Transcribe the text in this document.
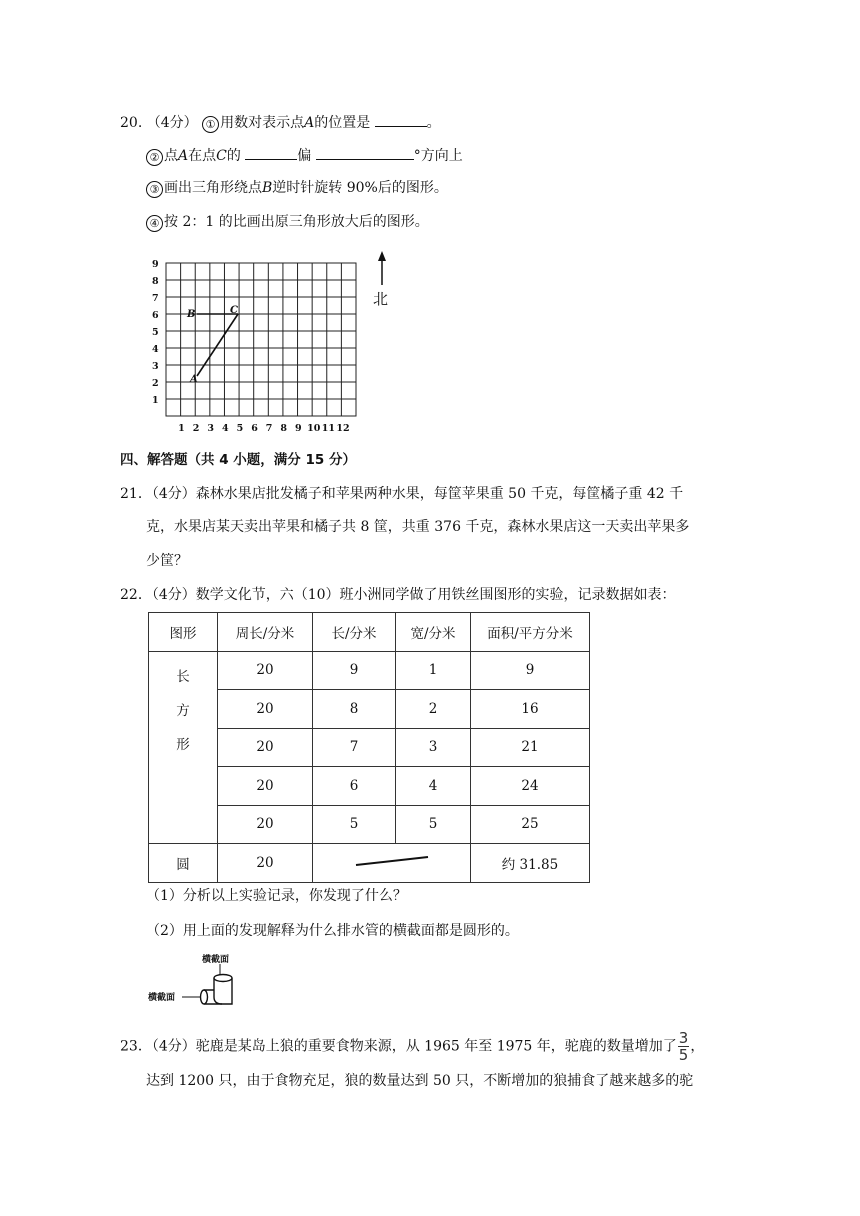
20. （4分） ① 用数对表示点A的位置是	。
② 点A在点C的	偏	°方向上
③ 画出三角形绕点B逆时针旋转 90%后的图形。
④ 按 2：1 的比画出原三角形放大后的图形。
B	C
A
9
8
7
6
5
4
3
2
1
1 2 3 4 5 6 7 8 9 10 11 12
北
四、解答题（共 4 小题，满分 15 分）
21．（4分）森林水果店批发橘子和苹果两种水果，每筐苹果重 50 千克，每筐橘子重 42 千
克，水果店某天卖出苹果和橘子共 8 筐，共重 376 千克，森林水果店这一天卖出苹果多
少筐？
22．（4分）数学文化节，六（10）班小洲同学做了用铁丝围图形的实验，记录数据如表：
图形	周长/分米	长/分米	宽/分米	面积/平方分米

长
方
形	20	9	1	9
	20	8	2	16
	20	7	3	21
	20	6	4	24
	20	5	5	25
圆	20			约 31.85
（1）分析以上实验记录，你发现了什么？
（2）用上面的发现解释为什么排水管的横截面都是圆形的。
横截面
横截面
23．（4分）驼鹿是某岛上狼的重要食物来源，从 1965 年至 1975 年，驼鹿的数量增加了 $\frac{3}{5}$ ，
达到 1200 只，由于食物充足，狼的数量达到 50 只，不断增加的狼捕食了越来越多的驼
